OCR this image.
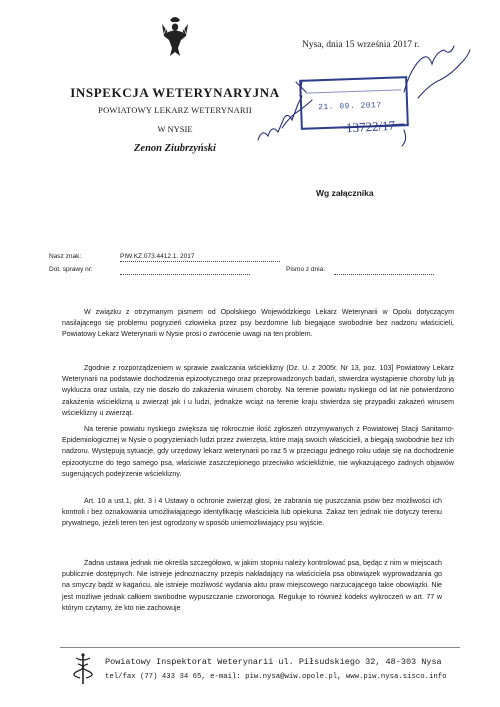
Nysa, dnia 15 września 2017 r.
INSPEKCJA WETERYNARYJNA
POWIATOWY LEKARZ WETERYNARII
W NYSIE
Zenon Ziubrzyński
21. 09. 2017
13722/17
Wg załącznika
Nasz znak:	PIW.KZ.073.4412.1. 2017
Dot. sprawy nr:	Pismo z dnia:

W związku z otrzymanym pismem od Opolskiego Wojewódzkiego Lekarz Weterynarii w Opolu dotyczącym nasilającego się problemu pogryzień człowieka przez psy bezdomne lub biegające swobodnie bez nadzoru właścicieli, Powiatowy Lekarz Weterynarii w Nysie prosi o zwrócenie uwagi na ten problem.

Zgodnie z rozporządzeniem w sprawie zwalczania wścieklizny (Dz. U. z 2005r. Nr 13, poz. 103] Powiatowy Lekarz Weterynarii na podstawie dochodzenia epizootycznego oraz przeprowadzonych badań, stwierdza wystąpienie choroby lub ją wyklucza oraz ustala, czy nie doszło do zakażenia wirusem choroby. Na terenie powiatu nyskiego od lat nie potwierdzono zakażenia wścieklizną u zwierząt jak i u ludzi, jednakże wciąż na terenie kraju stwierdza się przypadki zakażeń wirusem wścieklizny u zwierząt.

Na terenie powiatu nyskiego zwiększa się rokrocznie ilość zgłoszeń otrzymywanych z Powiatowej Stacji Sanitarno-Epidemiologicznej w Nysie o pogryzieniach ludzi przez zwierzęta, które mają swoich właścicieli, a biegają swobodnie bez ich nadzoru. Występują sytuacje, gdy urzędowy lekarz weterynarii po raz 5 w przeciągu jednego roku udaje się na dochodzenie epizootyczne do tego samego psa, właściwie zaszczepionego przeciwko wściekliźnie, nie wykazującego żadnych objawów sugerujących podejrzenie wścieklizny.

Art. 10 a ust.1, pkt. 3 i 4 Ustawy o ochronie zwierząt głosi, że zabrania się puszczania psów bez możliwości ich kontroli i bez oznakowania umożliwiającego identyfikację właściciela lub opiekuna. Zakaz ten jednak nie dotyczy terenu prywatnego, jeżeli teren ten jest ogrodzony w sposób uniemożliwiający psu wyjście.

Żadna ustawa jednak nie określa szczegółowo, w jakim stopniu należy kontrolować psa, będąc z nim w miejscach publicznie dostępnych. Nie istnieje jednoznaczny przepis nakładający na właściciela psa obowiązek wyprowadzania go na smyczy bądź w kagańcu, ale istnieje możliwość wydania aktu praw miejscowego narzucającego takie obowiązki. Nie jest możliwe jednak całkiem swobodne wypuszczanie czworonoga. Reguluje to również kodeks wykroczeń w art. 77 w którym czytamy, że kto nie zachowuje

Powiatowy Inspektorat Weterynarii ul. Piłsudskiego 32, 48-303 Nysa
tel/fax (77) 433 34 65, e-mail: piw.nysa@wiw.opole.pl, www.piw.nysa.sisco.info
